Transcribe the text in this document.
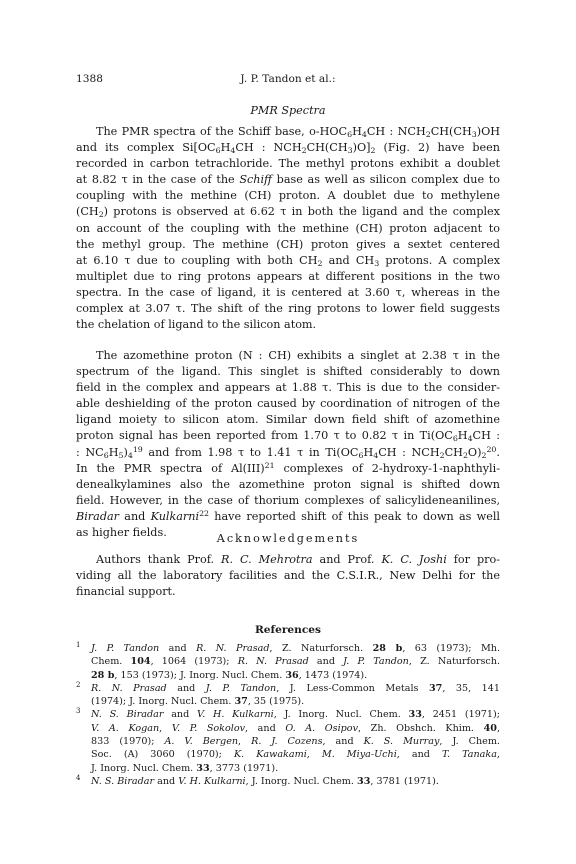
1388	J. P. Tandon et al.:
PMR Spectra
The PMR spectra of the Schiff base, $o-HOC_6H_4CH$ : $NCH_2CH(CH_3)OH$
and its complex $Si[OC_6H_4CH$ : $NCH_2CH(CH_3)O]_2$ (Fig. 2) have been
recorded in carbon tetrachloride. The methyl protons exhibit a doublet
at 8.82 τ in the case of the Schiff base as well as silicon complex due to
coupling with the methine (CH) proton. A doublet due to methylene
$(CH_2)$ protons is observed at 6.62 τ in both the ligand and the complex
on account of the coupling with the methine (CH) proton adjacent to
the methyl group. The methine (CH) proton gives a sextet centered
at 6.10 τ due to coupling with both $CH_2$ and $CH_3$ protons. A complex
multiplet due to ring protons appears at different positions in the two
spectra. In the case of ligand, it is centered at 3.60 τ, whereas in the
complex at 3.07 τ. The shift of the ring protons to lower field suggests
the chelation of ligand to the silicon atom.
The azomethine proton (N : CH) exhibits a singlet at 2.38 τ in the
spectrum of the ligand. This singlet is shifted considerably to down
field in the complex and appears at 1.88 τ. This is due to the consider-
able deshielding of the proton caused by coordination of nitrogen of the
ligand moiety to silicon atom. Similar down field shift of azomethine
proton signal has been reported from 1.70 τ to 0.82 τ in $Ti(OC_6H_4CH$ :
: $NC_6H_5)_4^{19}$ and from 1.98 τ to 1.41 τ in $Ti(OC_6H_4CH$ : $NCH_2CH_2O)_2^{20}$.
In the PMR spectra of Al(III)$^{21}$ complexes of 2-hydroxy-1-naphthyli-
denealkylamines also the azomethine proton signal is shifted down
field. However, in the case of thorium complexes of salicylideneanilines,
Biradar and Kulkarni$^{22}$ have reported shift of this peak to down as well
as higher fields.	Acknowledgements
Authors thank Prof. R. C. Mehrotra and Prof. K. C. Joshi for pro-
viding all the laboratory facilities and the C.S.I.R., New Delhi for the
financial support.
References
1 J. P. Tandon and R. N. Prasad, Z. Naturforsch. 28 b, 63 (1973); Mh.
Chem. 104, 1064 (1973); R. N. Prasad and J. P. Tandon, Z. Naturforsch.
28 b, 153 (1973); J. Inorg. Nucl. Chem. 36, 1473 (1974).
2 R. N. Prasad and J. P. Tandon, J. Less-Common Metals 37, 35, 141
(1974); J. Inorg. Nucl. Chem. 37, 35 (1975).
3 N. S. Biradar and V. H. Kulkarni, J. Inorg. Nucl. Chem. 33, 2451 (1971);
V. A. Kogan, V. P. Sokolov, and O. A. Osipov, Zh. Obshch. Khim. 40,
833 (1970); A. V. Bergen, R. J. Cozens, and K. S. Murray, J. Chem.
Soc. (A) 3060 (1970); K. Kawakami, M. Miya-Uchi, and T. Tanaka,
J. Inorg. Nucl. Chem. 33, 3773 (1971).
4 N. S. Biradar and V. H. Kulkarni, J. Inorg. Nucl. Chem. 33, 3781 (1971).
